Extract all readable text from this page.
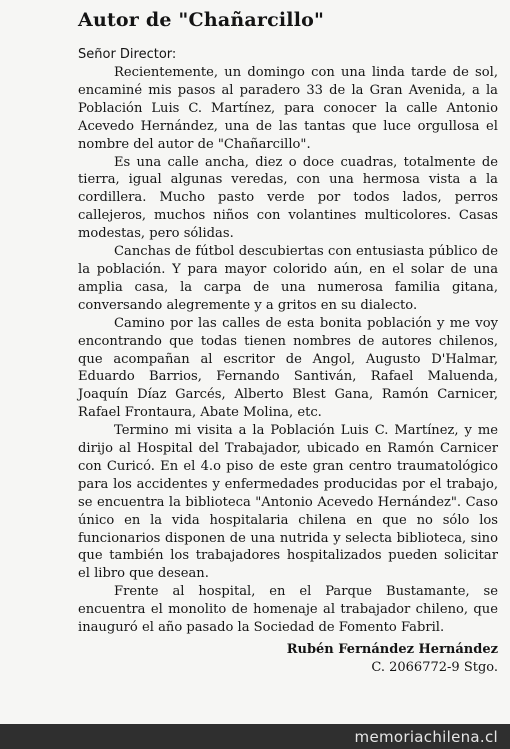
Autor de "Chañarcillo"

Señor Director:

Recientemente, un domingo con una linda tarde de sol, encaminé mis pasos al paradero 33 de la Gran Avenida, a la Población Luis C. Martínez, para conocer la calle Antonio Acevedo Hernández, una de las tantas que luce orgullosa el nombre del autor de "Chañarcillo".

Es una calle ancha, diez o doce cuadras, totalmente de tierra, igual algunas veredas, con una hermosa vista a la cordillera. Mucho pasto verde por todos lados, perros callejeros, muchos niños con volantines multicolores. Casas modestas, pero sólidas.

Canchas de fútbol descubiertas con entusiasta público de la población. Y para mayor colorido aún, en el solar de una amplia casa, la carpa de una numerosa familia gitana, conversando alegremente y a gritos en su dialecto.

Camino por las calles de esta bonita población y me voy encontrando que todas tienen nombres de autores chilenos, que acompañan al escritor de Angol, Augusto D'Halmar, Eduardo Barrios, Fernando Santiván, Rafael Maluenda, Joaquín Díaz Garcés, Alberto Blest Gana, Ramón Carnicer, Rafael Frontaura, Abate Molina, etc.

Termino mi visita a la Población Luis C. Martínez, y me dirijo al Hospital del Trabajador, ubicado en Ramón Carnicer con Curicó. En el 4.o piso de este gran centro traumatológico para los accidentes y enfermedades producidas por el trabajo, se encuentra la biblioteca "Antonio Acevedo Hernández". Caso único en la vida hospitalaria chilena en que no sólo los funcionarios disponen de una nutrida y selecta biblioteca, sino que también los trabajadores hospitalizados pueden solicitar el libro que desean.

Frente al hospital, en el Parque Bustamante, se encuentra el monolito de homenaje al trabajador chileno, que inauguró el año pasado la Sociedad de Fomento Fabril.

Rubén Fernández Hernández

C. 2066772-9 Stgo.

memoriachilena.cl
